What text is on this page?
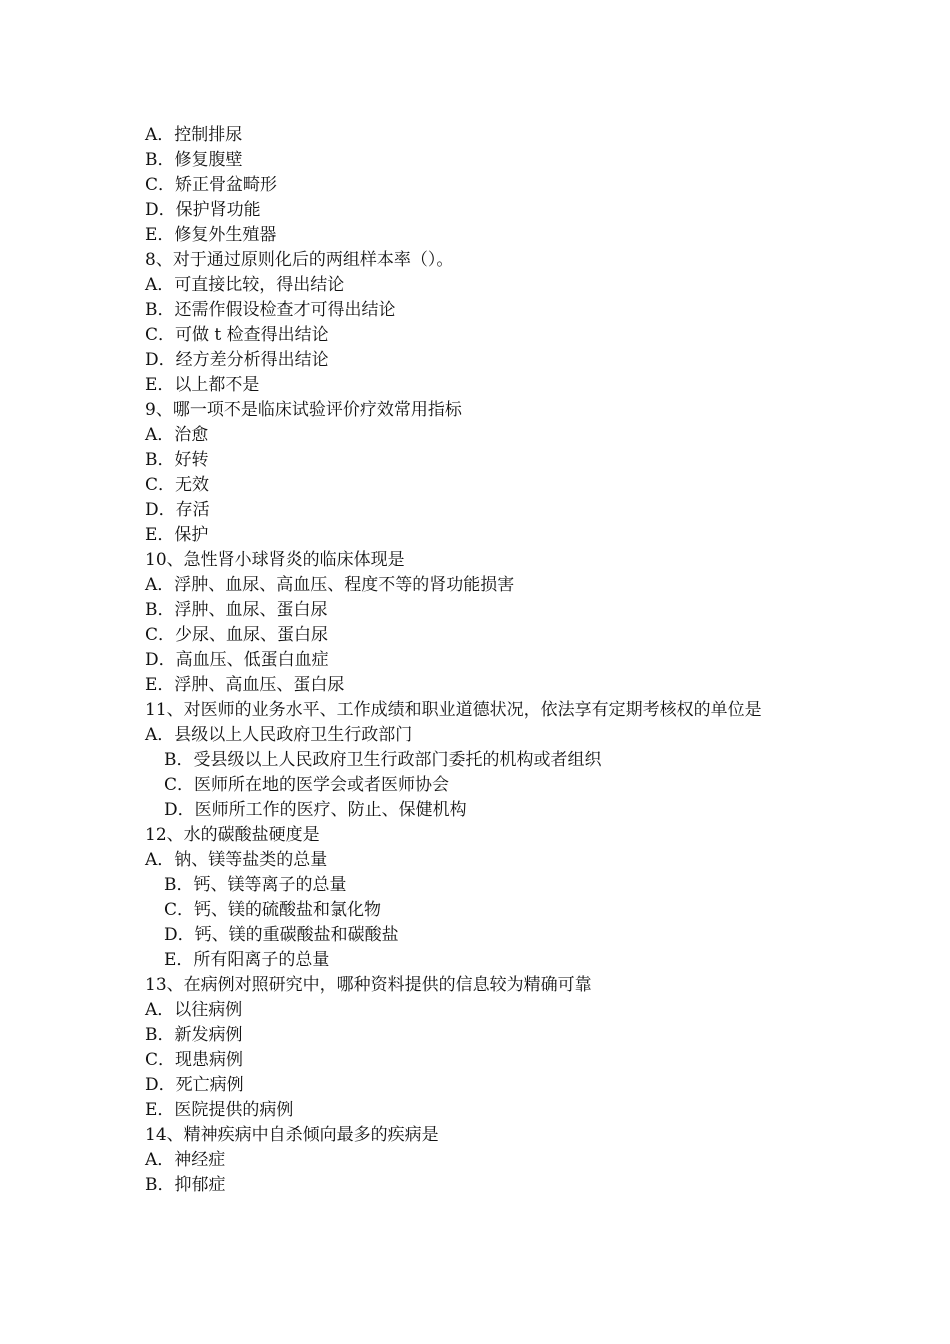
A．控制排尿
B．修复腹壁
C．矫正骨盆畸形
D．保护肾功能
E．修复外生殖器
8、对于通过原则化后的两组样本率（）。
A．可直接比较，得出结论
B．还需作假设检查才可得出结论
C．可做 t 检查得出结论
D．经方差分析得出结论
E．以上都不是
9、哪一项不是临床试验评价疗效常用指标
A．治愈
B．好转
C．无效
D．存活
E．保护
10、急性肾小球肾炎的临床体现是
A．浮肿、血尿、高血压、程度不等的肾功能损害
B．浮肿、血尿、蛋白尿
C．少尿、血尿、蛋白尿
D．高血压、低蛋白血症
E．浮肿、高血压、蛋白尿
11、对医师的业务水平、工作成绩和职业道德状况，依法享有定期考核权的单位是
A．县级以上人民政府卫生行政部门
B．受县级以上人民政府卫生行政部门委托的机构或者组织
C．医师所在地的医学会或者医师协会
D．医师所工作的医疗、防止、保健机构
12、水的碳酸盐硬度是
A．钠、镁等盐类的总量
B．钙、镁等离子的总量
C．钙、镁的硫酸盐和氯化物
D．钙、镁的重碳酸盐和碳酸盐
E．所有阳离子的总量
13、在病例对照研究中，哪种资料提供的信息较为精确可靠
A．以往病例
B．新发病例
C．现患病例
D．死亡病例
E．医院提供的病例
14、精神疾病中自杀倾向最多的疾病是
A．神经症
B．抑郁症
